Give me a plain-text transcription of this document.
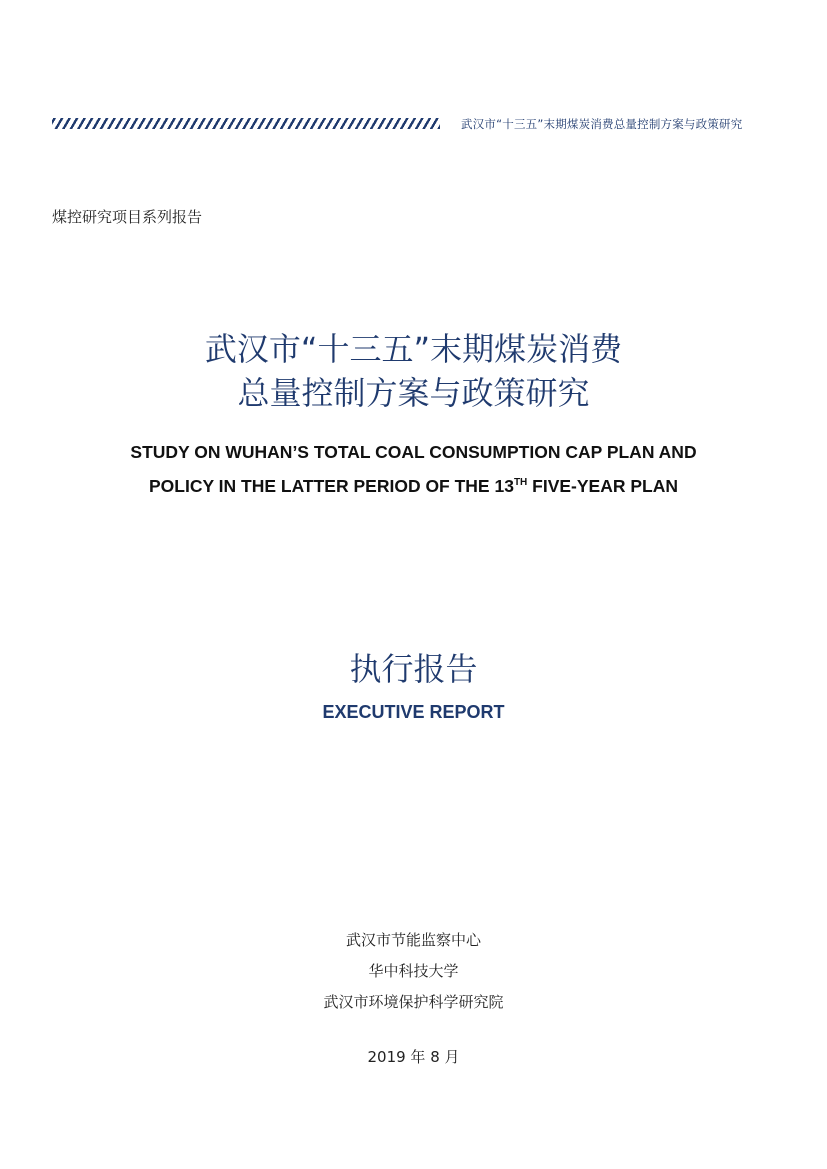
武汉市“十三五”末期煤炭消费总量控制方案与政策研究
煤控研究项目系列报告
武汉市“十三五”末期煤炭消费
总量控制方案与政策研究
STUDY ON WUHAN’S TOTAL COAL CONSUMPTION CAP PLAN AND
POLICY IN THE LATTER PERIOD OF THE 13TH FIVE-YEAR PLAN
执行报告
EXECUTIVE REPORT
武汉市节能监察中心
华中科技大学
武汉市环境保护科学研究院
2019 年 8 月
